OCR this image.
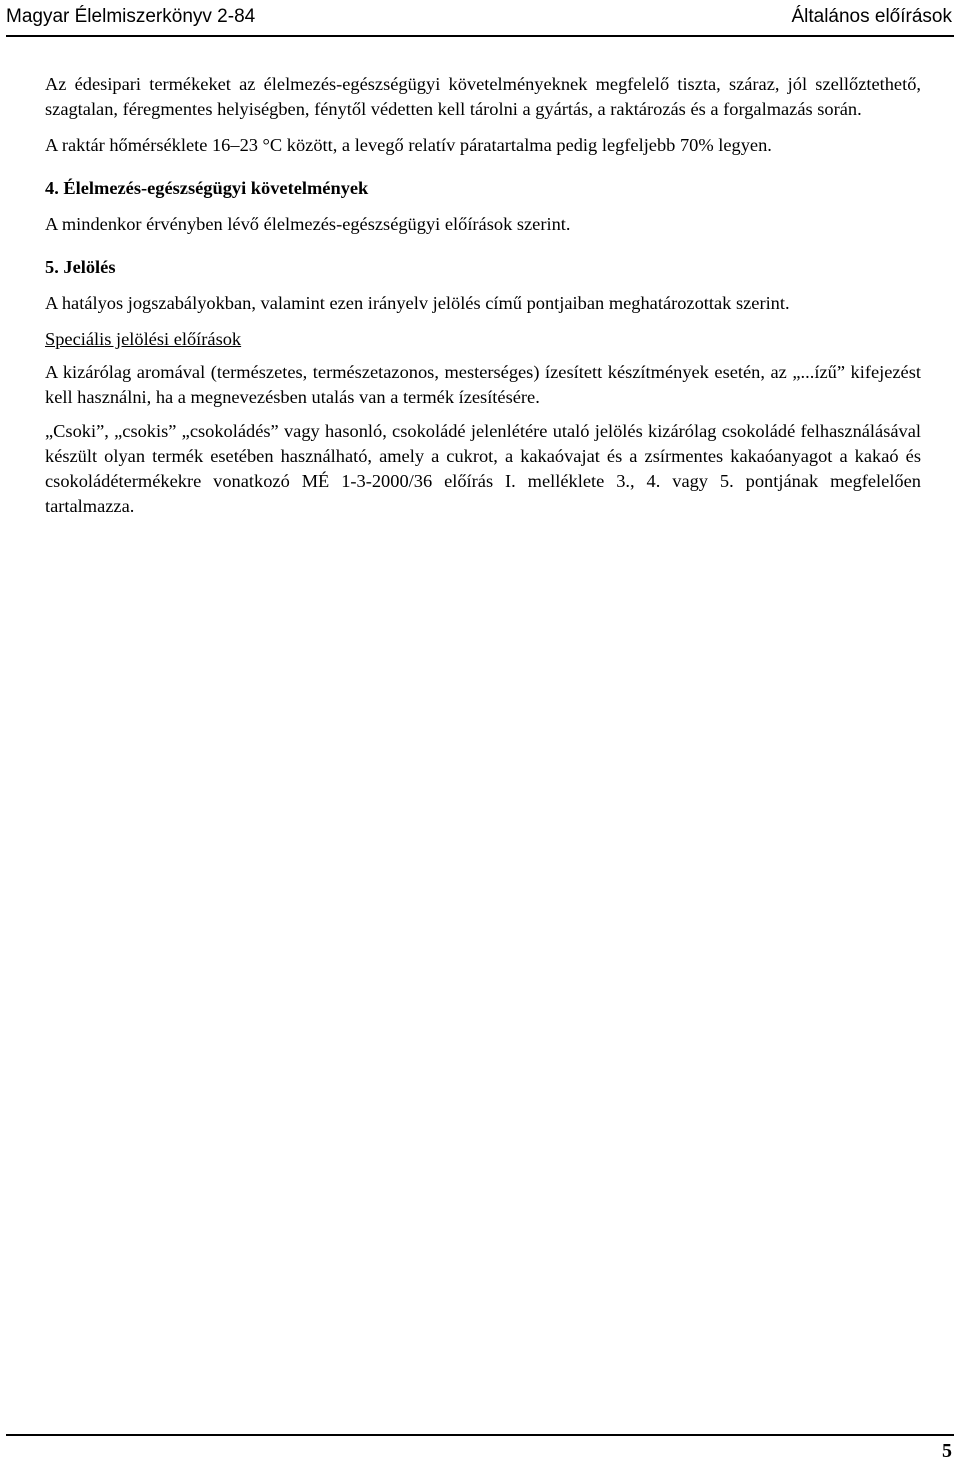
Magyar Élelmiszerkönyv 2-84	Általános előírások

Az édesipari termékeket az élelmezés-egészségügyi követelményeknek megfelelő tiszta, száraz, jól szellőztethető, szagtalan, féregmentes helyiségben, fénytől védetten kell tárolni a gyártás, a raktározás és a forgalmazás során.

A raktár hőmérséklete 16–23 °C között, a levegő relatív páratartalma pedig legfeljebb 70% legyen.

4. Élelmezés-egészségügyi követelmények

A mindenkor érvényben lévő élelmezés-egészségügyi előírások szerint.

5. Jelölés

A hatályos jogszabályokban, valamint ezen irányelv jelölés című pontjaiban meghatározottak szerint.

Speciális jelölési előírások

A kizárólag aromával (természetes, természetazonos, mesterséges) ízesített készítmények esetén, az „...ízű” kifejezést kell használni, ha a megnevezésben utalás van a termék ízesítésére.

„Csoki”, „csokis” „csokoládés” vagy hasonló, csokoládé jelenlétére utaló jelölés kizárólag csokoládé felhasználásával készült olyan termék esetében használható, amely a cukrot, a kakaóvajat és a zsírmentes kakaóanyagot a kakaó és csokoládétermékekre vonatkozó MÉ 1-3-2000/36 előírás I. melléklete 3., 4. vagy 5. pontjának megfelelően tartalmazza.

5
